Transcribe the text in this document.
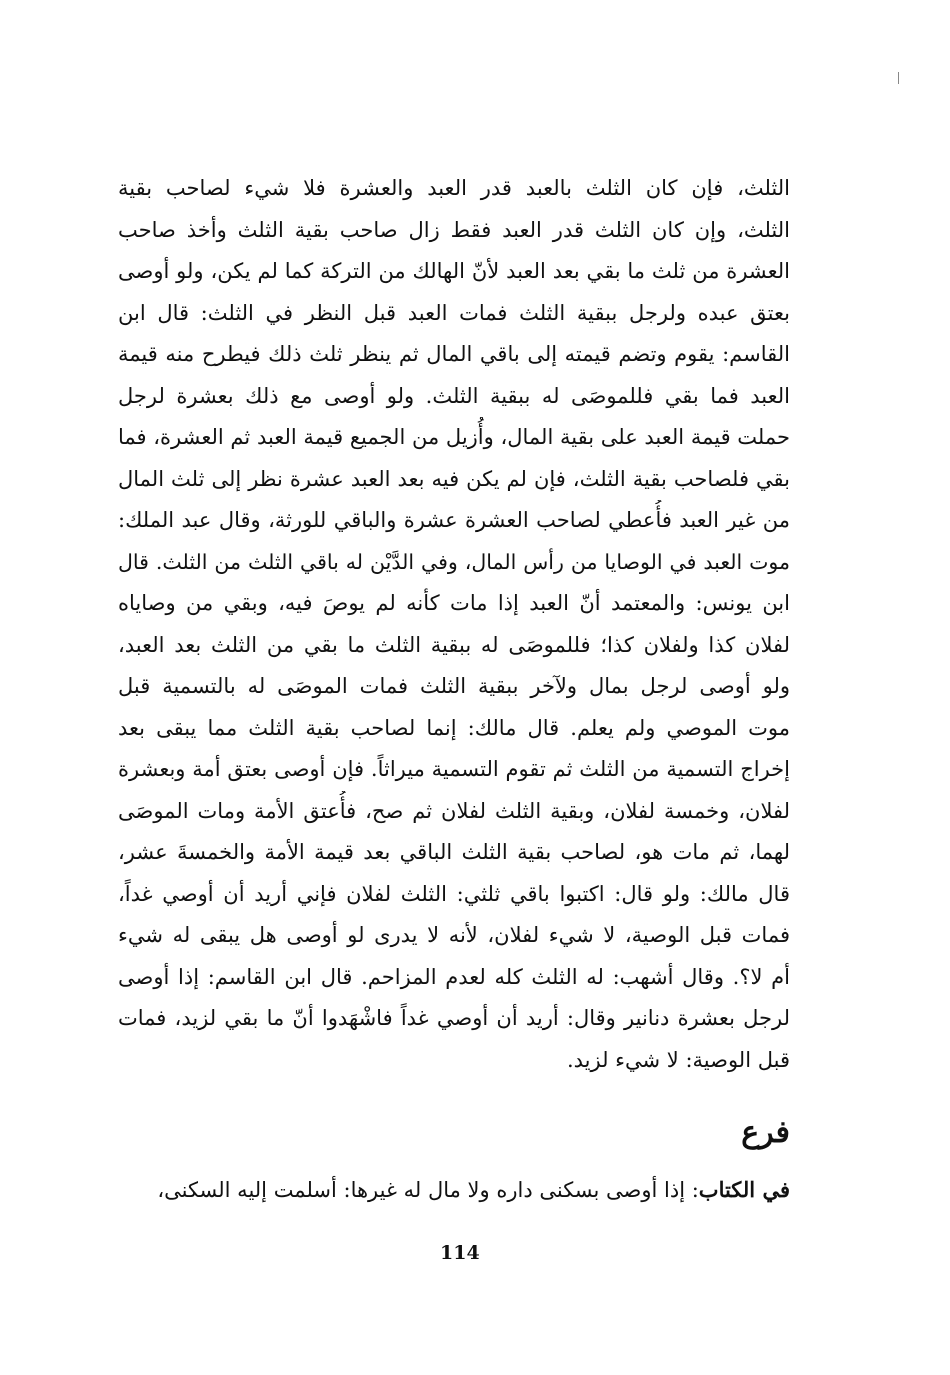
الثلث، فإن كان الثلث بالعبد قدر العبد والعشرة فلا شيء لصاحب بقية
الثلث، وإن كان الثلث قدر العبد فقط زال صاحب بقية الثلث وأخذ صاحب
العشرة من ثلث ما بقي بعد العبد لأنّ الهالك من التركة كما لم يكن، ولو أوصى
بعتق عبده ولرجل ببقية الثلث فمات العبد قبل النظر في الثلث: قال ابن
القاسم: يقوم وتضم قيمته إلى باقي المال ثم ينظر ثلث ذلك فيطرح منه قيمة
العبد فما بقي فللموصَى له ببقية الثلث. ولو أوصى مع ذلك بعشرة لرجل
حملت قيمة العبد على بقية المال، وأُزيل من الجميع قيمة العبد ثم العشرة، فما
بقي فلصاحب بقية الثلث، فإن لم يكن فيه بعد العبد عشرة نظر إلى ثلث المال
من غير العبد فأُعطي لصاحب العشرة عشرة والباقي للورثة، وقال عبد الملك:
موت العبد في الوصايا من رأس المال، وفي الدَّيْن له باقي الثلث من الثلث. قال
ابن يونس: والمعتمد أنّ العبد إذا مات كأنه لم يوصَ فيه، وبقي من وصاياه
لفلان كذا ولفلان كذا؛ فللموصَى له ببقية الثلث ما بقي من الثلث بعد العبد،
ولو أوصى لرجل بمال ولآخر ببقية الثلث فمات الموصَى له بالتسمية قبل
موت الموصي ولم يعلم. قال مالك: إنما لصاحب بقية الثلث مما يبقى بعد
إخراج التسمية من الثلث ثم تقوم التسمية ميراثاً. فإن أوصى بعتق أمة وبعشرة
لفلان، وخمسة لفلان، وبقية الثلث لفلان ثم صح، فأُعتق الأمة ومات الموصَى
لهما، ثم مات هو، لصاحب بقية الثلث الباقي بعد قيمة الأمة والخمسةَ عشر،
قال مالك: ولو قال: اكتبوا باقي ثلثي: الثلث لفلان فإني أريد أن أوصي غداً،
فمات قبل الوصية، لا شيء لفلان، لأنه لا يدرى لو أوصى هل يبقى له شيء
أم لا؟. وقال أشهب: له الثلث كله لعدم المزاحم. قال ابن القاسم: إذا أوصى
لرجل بعشرة دنانير وقال: أريد أن أوصي غداً فاشْهَدوا أنّ ما بقي لزيد، فمات
قبل الوصية: لا شيء لزيد.
فرع
في الكتاب: إذا أوصى بسكنى داره ولا مال له غيرها: أسلمت إليه السكنى،
114
